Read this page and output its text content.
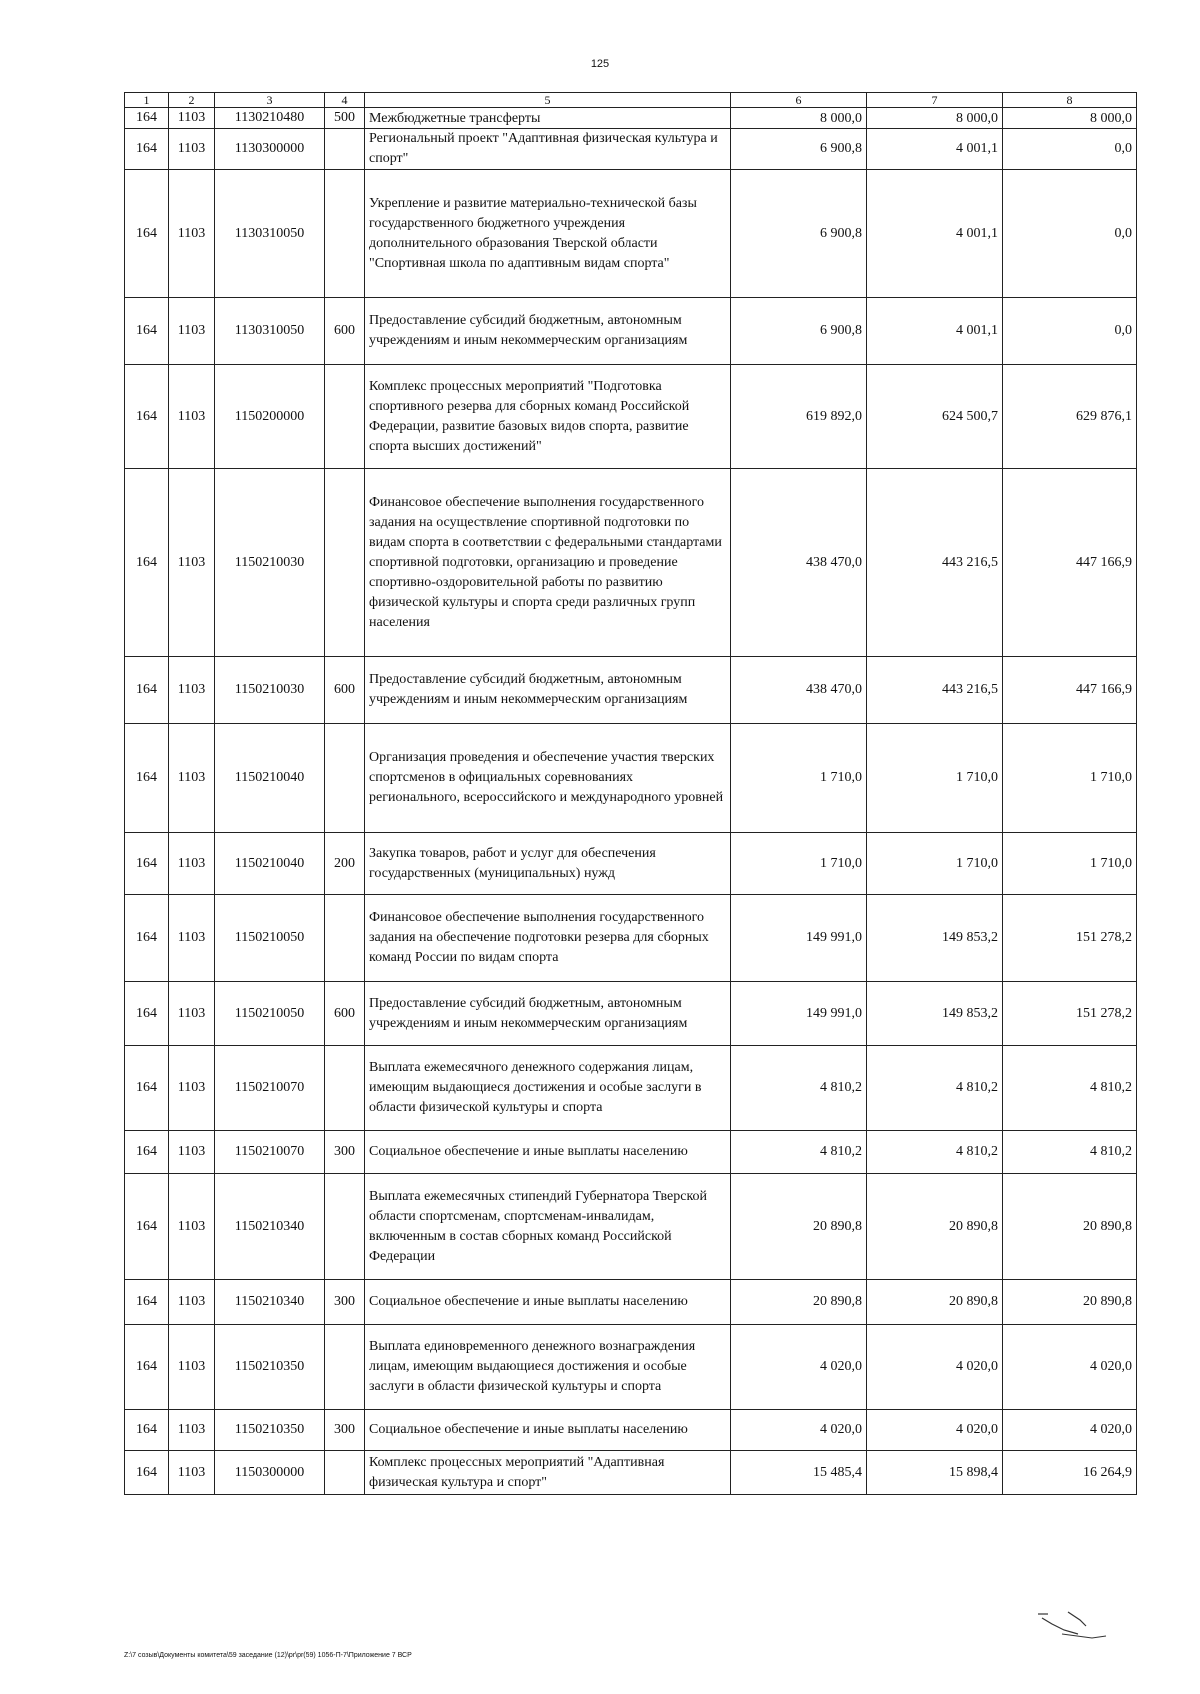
125
1	2	3	4	5	6	7	8
164	1103	1130210480	500	Межбюджетные трансферты	8 000,0	8 000,0	8 000,0
164	1103	1130300000		Региональный проект "Адаптивная физическая культура и спорт"	6 900,8	4 001,1	0,0
164	1103	1130310050		Укрепление и развитие материально-технической базы государственного бюджетного учреждения дополнительного образования Тверской области "Спортивная школа по адаптивным видам спорта"	6 900,8	4 001,1	0,0
164	1103	1130310050	600	Предоставление субсидий бюджетным, автономным учреждениям и иным некоммерческим организациям	6 900,8	4 001,1	0,0
164	1103	1150200000		Комплекс процессных мероприятий "Подготовка спортивного резерва для сборных команд Российской Федерации, развитие базовых видов спорта, развитие спорта высших достижений"	619 892,0	624 500,7	629 876,1
164	1103	1150210030		Финансовое обеспечение выполнения государственного задания на осуществление спортивной подготовки по видам спорта в соответствии с федеральными стандартами спортивной подготовки, организацию и проведение спортивно-оздоровительной работы по развитию физической культуры и спорта среди различных групп населения	438 470,0	443 216,5	447 166,9
164	1103	1150210030	600	Предоставление субсидий бюджетным, автономным учреждениям и иным некоммерческим организациям	438 470,0	443 216,5	447 166,9
164	1103	1150210040		Организация проведения и обеспечение участия тверских спортсменов в официальных соревнованиях регионального, всероссийского и международного уровней	1 710,0	1 710,0	1 710,0
164	1103	1150210040	200	Закупка товаров, работ и услуг для обеспечения государственных (муниципальных) нужд	1 710,0	1 710,0	1 710,0
164	1103	1150210050		Финансовое обеспечение выполнения государственного задания на обеспечение подготовки резерва для сборных команд России по видам спорта	149 991,0	149 853,2	151 278,2
164	1103	1150210050	600	Предоставление субсидий бюджетным, автономным учреждениям и иным некоммерческим организациям	149 991,0	149 853,2	151 278,2
164	1103	1150210070		Выплата ежемесячного денежного содержания лицам, имеющим выдающиеся достижения и особые заслуги в области физической культуры и спорта	4 810,2	4 810,2	4 810,2
164	1103	1150210070	300	Социальное обеспечение и иные выплаты населению	4 810,2	4 810,2	4 810,2
164	1103	1150210340		Выплата ежемесячных стипендий Губернатора Тверской области спортсменам, спортсменам-инвалидам, включенным в состав сборных команд Российской Федерации	20 890,8	20 890,8	20 890,8
164	1103	1150210340	300	Социальное обеспечение и иные выплаты населению	20 890,8	20 890,8	20 890,8
164	1103	1150210350		Выплата единовременного денежного вознаграждения лицам, имеющим выдающиеся достижения и особые заслуги в области физической культуры и спорта	4 020,0	4 020,0	4 020,0
164	1103	1150210350	300	Социальное обеспечение и иные выплаты населению	4 020,0	4 020,0	4 020,0
164	1103	1150300000		Комплекс процессных мероприятий "Адаптивная физическая культура и спорт"	15 485,4	15 898,4	16 264,9
Z:\7 созыв\Документы комитета\59 заседание (12)\pr\pr(59) 1056-П-7\Приложение 7 ВСР
